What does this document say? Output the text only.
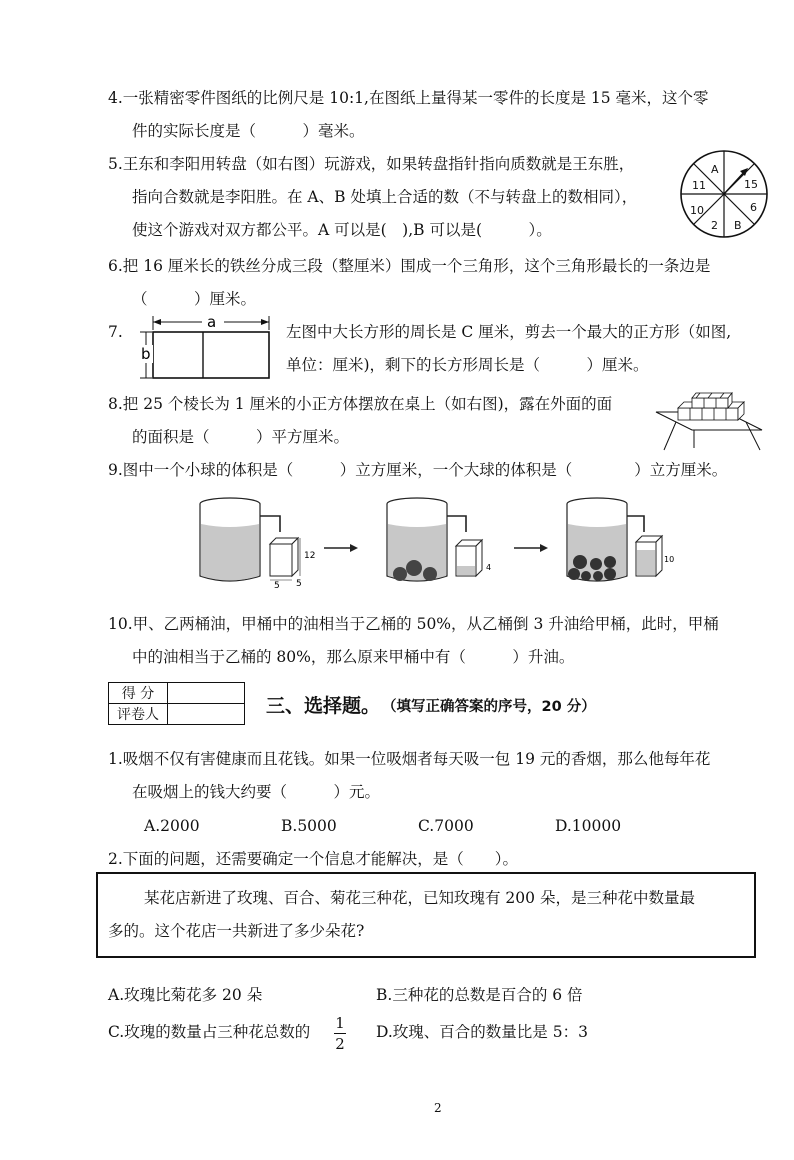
4.一张精密零件图纸的比例尺是 10:1,在图纸上量得某一零件的长度是 15 毫米，这个零
件的实际长度是（　　　）毫米。
5.王东和李阳用转盘（如右图）玩游戏，如果转盘指针指向质数就是王东胜，
指向合数就是李阳胜。在 A、B 处填上合适的数（不与转盘上的数相同），
使这个游戏对双方都公平。A 可以是(　),B 可以是(　　　）。
A
15
6
B
2
10
11
6.把 16 厘米长的铁丝分成三段（整厘米）围成一个三角形，这个三角形最长的一条边是
（　　　）厘米。
7.
a
b
左图中大长方形的周长是 C 厘米，剪去一个最大的正方形（如图,
单位：厘米)，剩下的长方形周长是（　　　）厘米。
8.把 25 个棱长为 1 厘米的小正方体摆放在桌上（如右图)，露在外面的面
的面积是（　　　）平方厘米。
9.图中一个小球的体积是（　　　）立方厘米，一个大球的体积是（　　　　）立方厘米。
12
5 5
4
10
10.甲、乙两桶油，甲桶中的油相当于乙桶的 50%，从乙桶倒 3 升油给甲桶，此时，甲桶
中的油相当于乙桶的 80%，那么原来甲桶中有（　　　）升油。
得 分	
评卷人		三、选择题。 （填写正确答案的序号，20 分）
1.吸烟不仅有害健康而且花钱。如果一位吸烟者每天吸一包 19 元的香烟，那么他每年花
在吸烟上的钱大约要（　　　）元。
A.2000	B.5000	C.7000	D.10000
2.下面的问题，还需要确定一个信息才能解决，是（　　）。
某花店新进了玫瑰、百合、菊花三种花，已知玫瑰有 200 朵，是三种花中数量最
多的。这个花店一共新进了多少朵花?
A.玫瑰比菊花多 20 朵	B.三种花的总数是百合的 6 倍
C.玫瑰的数量占三种花总数的 1
2
D.玫瑰、百合的数量比是 5：3
2
